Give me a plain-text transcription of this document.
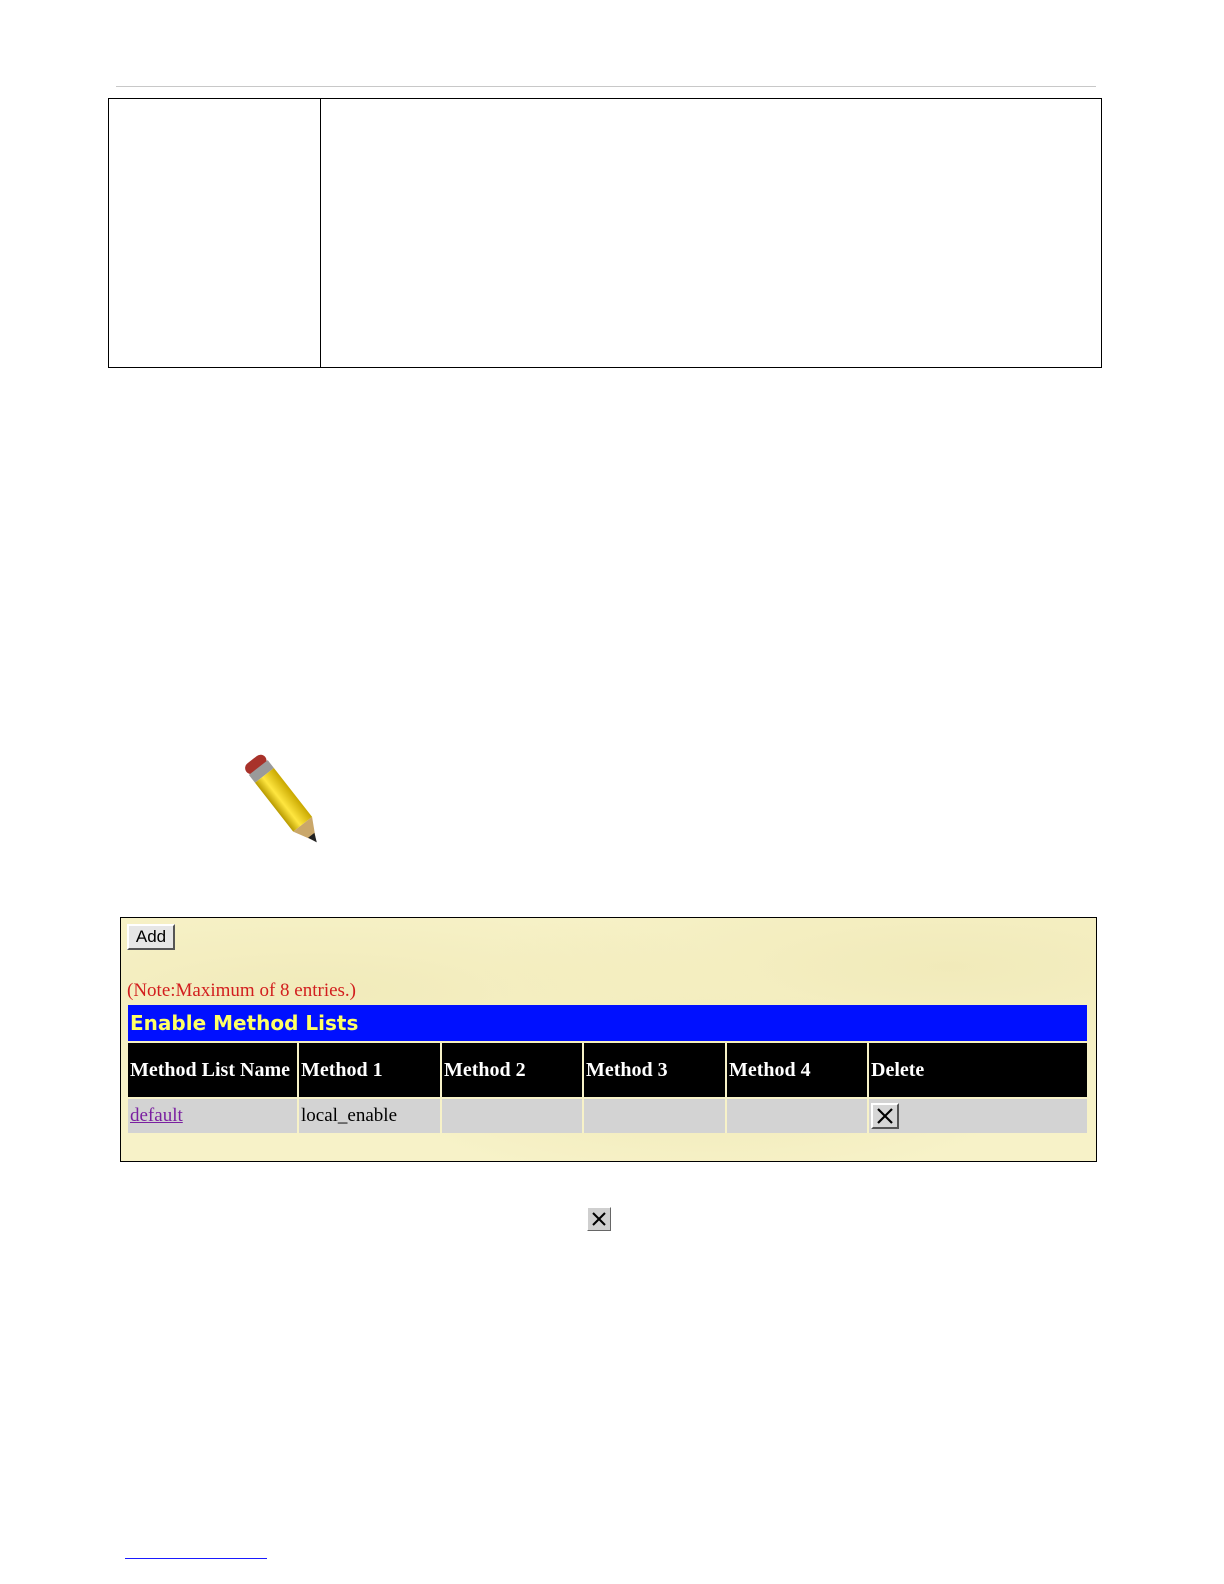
Add
(Note:Maximum of 8 entries.)
Enable Method Lists
Method List Name	Method 1	Method 2	Method 3	Method 4	Delete
default	local_enable				
